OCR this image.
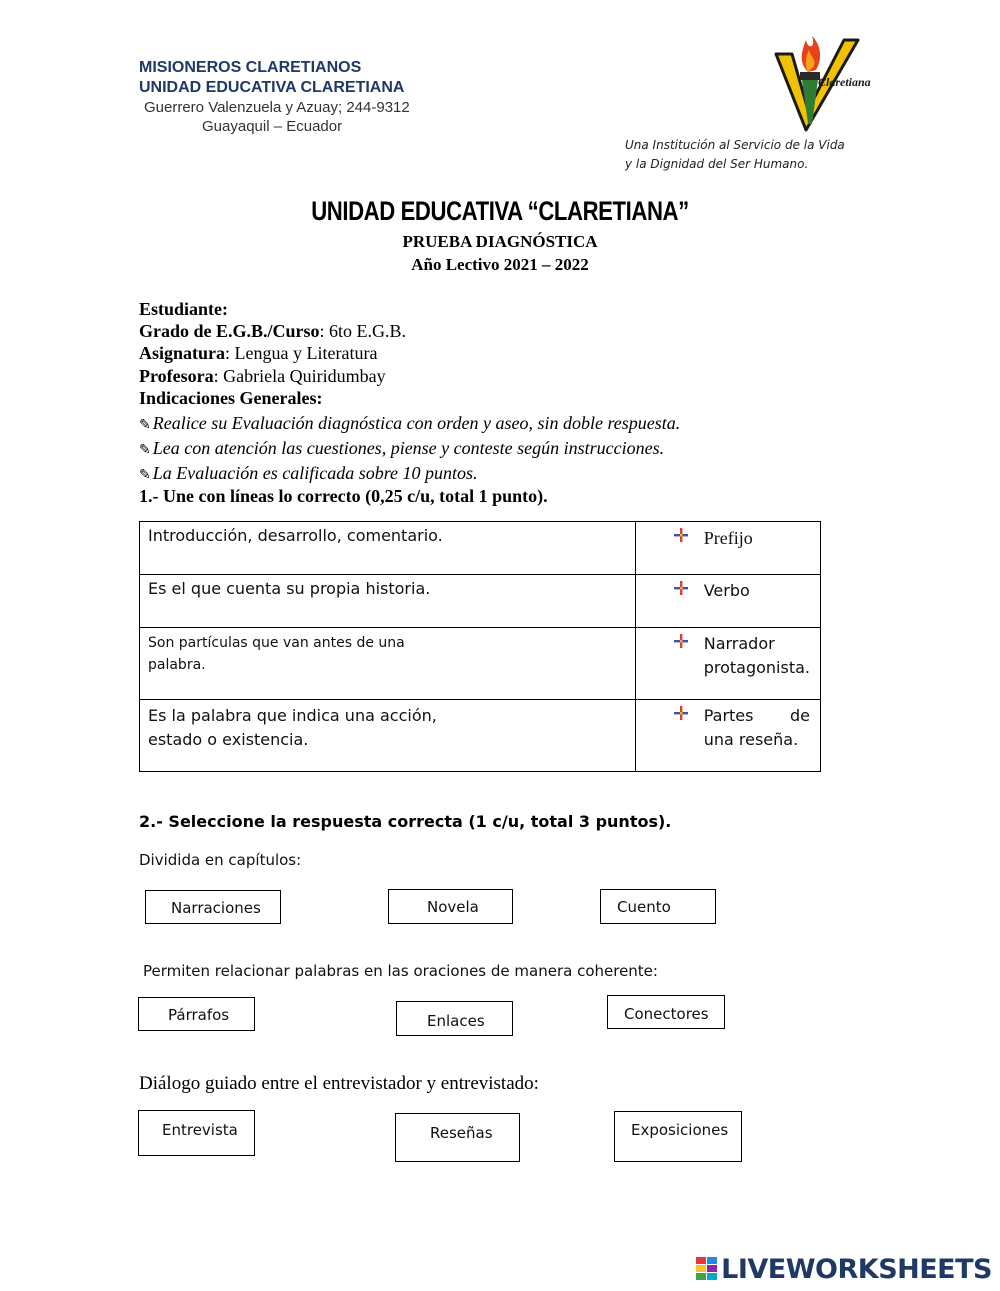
MISIONEROS CLARETIANOS
UNIDAD EDUCATIVA CLARETIANA
Guerrero Valenzuela y Azuay; 244-9312
Guayaquil – Ecuador
Claretiana
Una Institución al Servicio de la Vida
y la Dignidad del Ser Humano.
UNIDAD EDUCATIVA “CLARETIANA”
PRUEBA DIAGNÓSTICA
Año Lectivo 2021 – 2022
Estudiante:
Grado de E.G.B./Curso: 6to E.G.B.
Asignatura: Lengua y Literatura
Profesora: Gabriela Quiridumbay
Indicaciones Generales:
✎ Realice su Evaluación diagnóstica con orden y aseo, sin doble respuesta.
✎ Lea con atención las cuestiones, piense y conteste según instrucciones.
✎ La Evaluación es calificada sobre 10 puntos.
1.- Une con líneas lo correcto (0,25 c/u, total 1 punto).
Introducción, desarrollo, comentario.	Prefijo

Es el que cuenta su propia historia.	Verbo

Son partículas que van antes de una palabra.	Narrador protagonista.

Es la palabra que indica una acción, estado o existencia.	Partes de una reseña.
2.- Seleccione la respuesta correcta (1 c/u, total 3 puntos).
Dividida en capítulos:
Narraciones	Novela	Cuento
Permiten relacionar palabras en las oraciones de manera coherente:
Párrafos	Enlaces	Conectores
Diálogo guiado entre el entrevistador y entrevistado:
Entrevista	Reseñas	Exposiciones
LIVEWORKSHEETS
